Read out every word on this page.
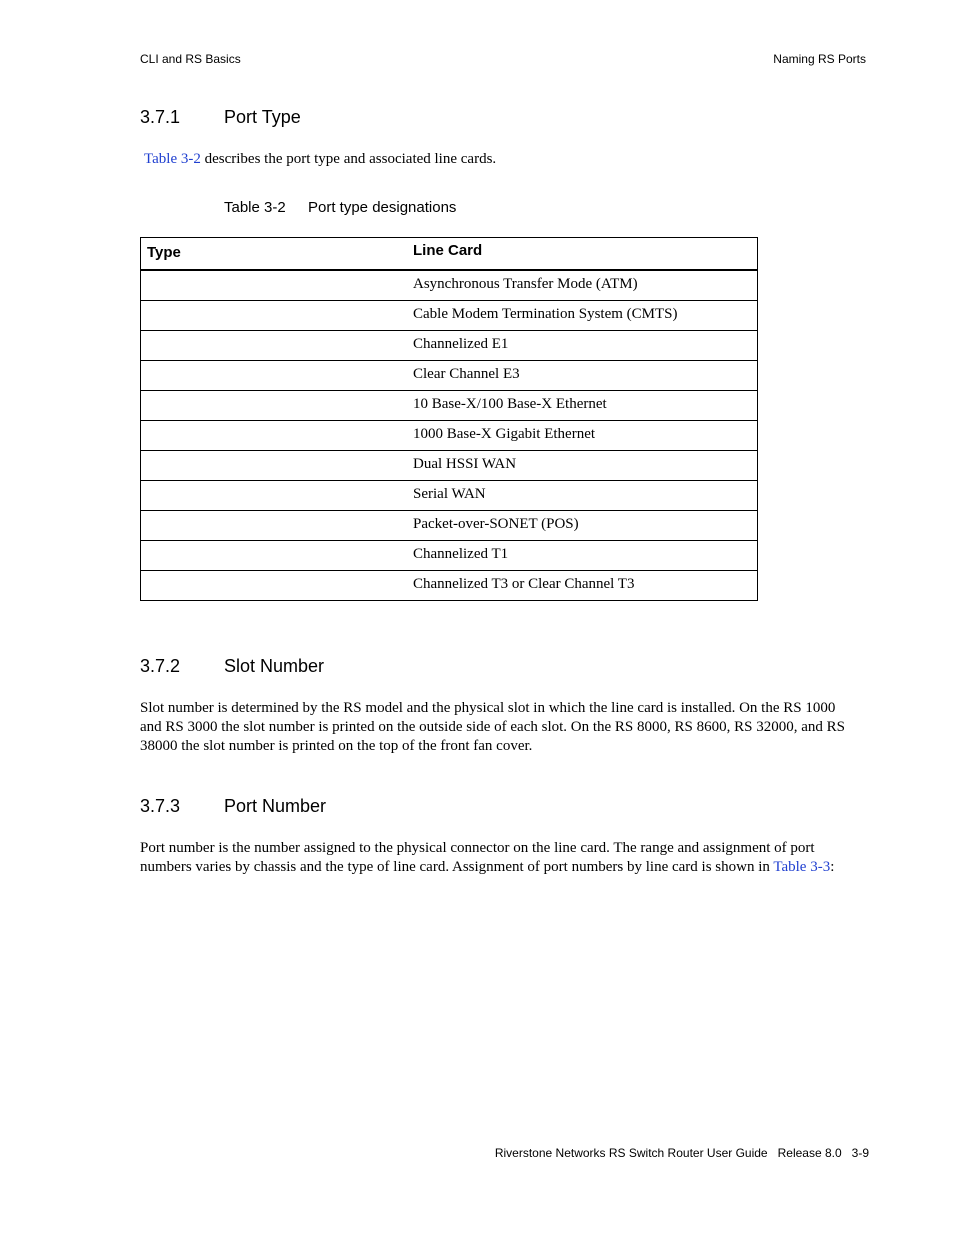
CLI and RS Basics	Naming RS Ports
3.7.1 Port Type
Table 3-2 describes the port type and associated line cards.
Table 3-2 Port type designations
Type	Line Card

	Asynchronous Transfer Mode (ATM)

	Cable Modem Termination System (CMTS)

	Channelized E1

	Clear Channel E3

	10 Base-X/100 Base-X Ethernet

	1000 Base-X Gigabit Ethernet

	Dual HSSI WAN

	Serial WAN

	Packet-over-SONET (POS)

	Channelized T1

	Channelized T3 or Clear Channel T3
3.7.2 Slot Number
Slot number is determined by the RS model and the physical slot in which the line card is installed. On the RS 1000
and RS 3000 the slot number is printed on the outside side of each slot. On the RS 8000, RS 8600, RS 32000, and RS
38000 the slot number is printed on the top of the front fan cover.
3.7.3 Port Number
Port number is the number assigned to the physical connector on the line card. The range and assignment of port
numbers varies by chassis and the type of line card. Assignment of port numbers by line card is shown in Table 3-3:
Riverstone Networks RS Switch Router User Guide   Release 8.0   3-9
